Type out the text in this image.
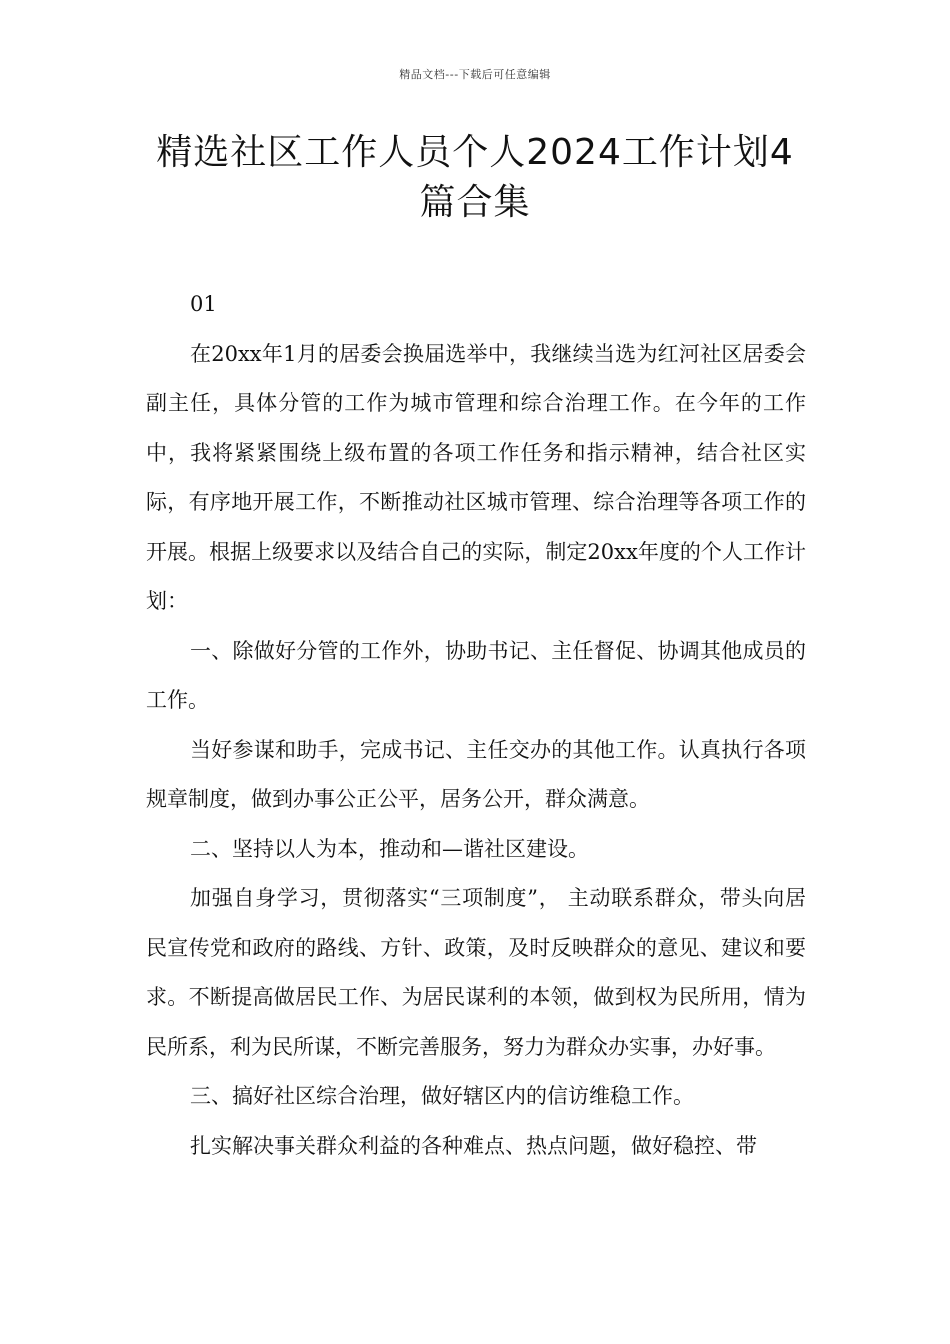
精品文档---下载后可任意编辑
精选社区工作人员个人2024工作计划4
篇合集

01

在20xx年1月的居委会换届选举中，我继续当选为红河社区居委会副主任，具体分管的工作为城市管理和综合治理工作。在今年的工作中，我将紧紧围绕上级布置的各项工作任务和指示精神，结合社区实际，有序地开展工作，不断推动社区城市管理、综合治理等各项工作的开展。根据上级要求以及结合自己的实际，制定20xx年度的个人工作计划：

一、除做好分管的工作外，协助书记、主任督促、协调其他成员的工作。

当好参谋和助手，完成书记、主任交办的其他工作。认真执行各项规章制度，做到办事公正公平，居务公开，群众满意。

二、坚持以人为本，推动和—谐社区建设。

加强自身学习，贯彻落实“三项制度”， 主动联系群众，带头向居民宣传党和政府的路线、方针、政策，及时反映群众的意见、建议和要求。不断提高做居民工作、为居民谋利的本领，做到权为民所用，情为民所系，利为民所谋，不断完善服务，努力为群众办实事，办好事。

三、搞好社区综合治理，做好辖区内的信访维稳工作。

扎实解决事关群众利益的各种难点、热点问题，做好稳控、带
